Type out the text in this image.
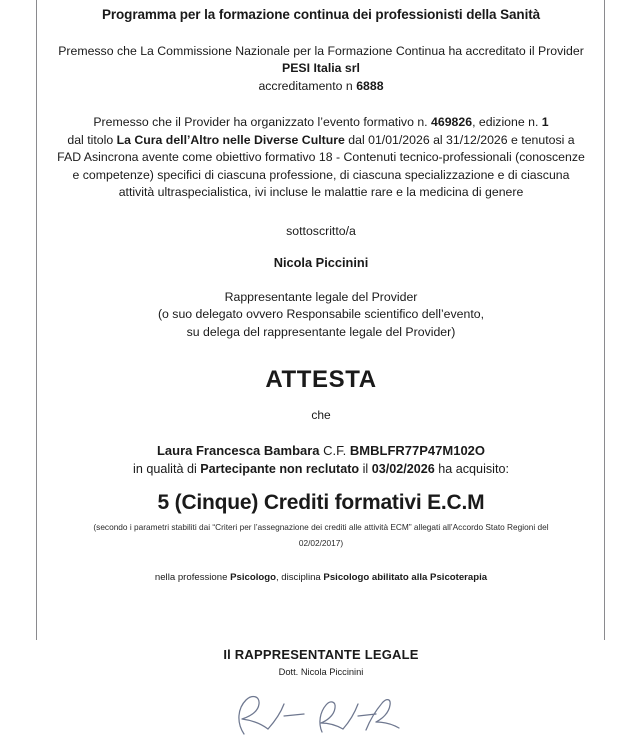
Programma per la formazione continua dei professionisti della Sanità
Premesso che La Commissione Nazionale per la Formazione Continua ha accreditato il Provider
PESI Italia srl
accreditamento n 6888
Premesso che il Provider ha organizzato l’evento formativo n. 469826, edizione n. 1
dal titolo La Cura dell’Altro nelle Diverse Culture dal 01/01/2026 al 31/12/2026 e tenutosi a
FAD Asincrona avente come obiettivo formativo 18 - Contenuti tecnico-professionali (conoscenze
e competenze) specifici di ciascuna professione, di ciascuna specializzazione e di ciascuna
attività ultraspecialistica, ivi incluse le malattie rare e la medicina di genere
sottoscritto/a
Nicola Piccinini
Rappresentante legale del Provider
(o suo delegato ovvero Responsabile scientifico dell’evento,
su delega del rappresentante legale del Provider)
ATTESTA
che
Laura Francesca Bambara C.F. BMBLFR77P47M102O
in qualità di Partecipante non reclutato il 03/02/2026 ha acquisito:
5 (Cinque) Crediti formativi E.C.M
(secondo i parametri stabiliti dai “Criteri per l’assegnazione dei crediti alle attività ECM” allegati all’Accordo Stato Regioni del
02/02/2017)
nella professione Psicologo, disciplina Psicologo abilitato alla Psicoterapia
Il RAPPRESENTANTE LEGALE
Dott. Nicola Piccinini
